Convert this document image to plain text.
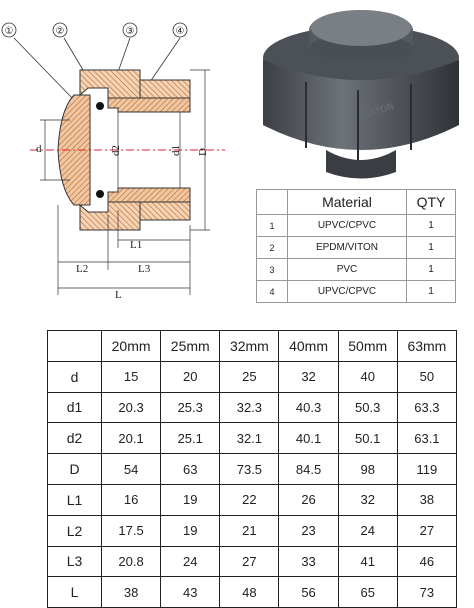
①	②	③	④
d	d2	d1 D
L1
L2	L3
L
VITON
	Material	QTY
1	UPVC/CPVC	1
2	EPDM/VITON	1
3	PVC	1
4	UPVC/CPVC	1
	20mm	25mm	32mm	40mm	50mm	63mm
d	15	20	25	32	40	50
d1	20.3	25.3	32.3	40.3	50.3	63.3
d2	20.1	25.1	32.1	40.1	50.1	63.1
D	54	63	73.5	84.5	98	119
L1	16	19	22	26	32	38
L2	17.5	19	21	23	24	27
L3	20.8	24	27	33	41	46
L	38	43	48	56	65	73
